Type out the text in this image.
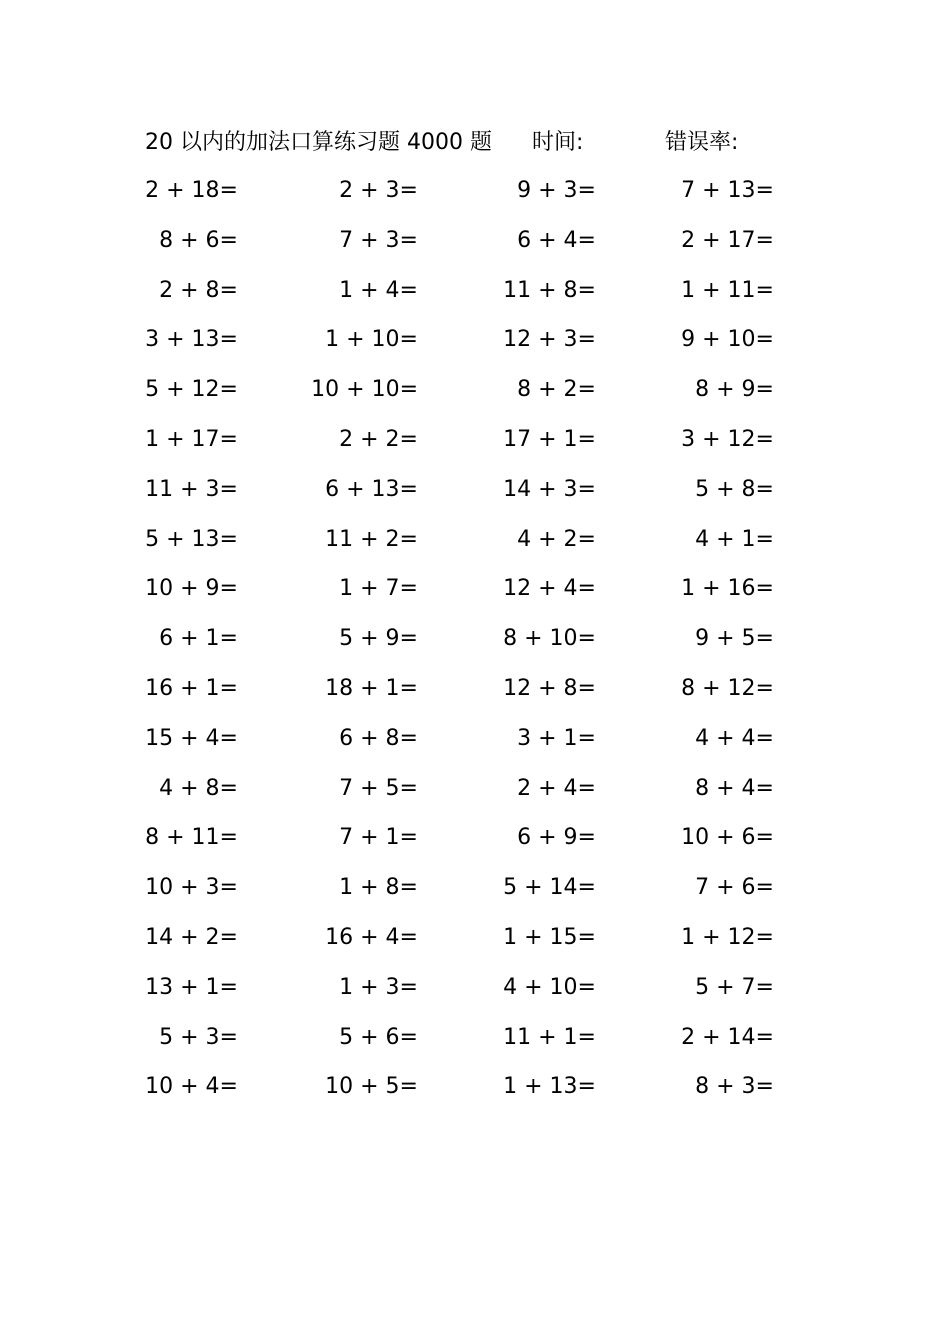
20 以内的加法口算练习题 4000 题 时间:	错误率:
2 + 18=	2 + 3=	9 + 3=	7 + 13=
8 + 6=	7 + 3=	6 + 4=	2 + 17=
2 + 8=	1 + 4=	11 + 8=	1 + 11=
3 + 13=	1 + 10=	12 + 3=	9 + 10=
5 + 12=	10 + 10=	8 + 2=	8 + 9=
1 + 17=	2 + 2=	17 + 1=	3 + 12=
11 + 3=	6 + 13=	14 + 3=	5 + 8=
5 + 13=	11 + 2=	4 + 2=	4 + 1=
10 + 9=	1 + 7=	12 + 4=	1 + 16=
6 + 1=	5 + 9=	8 + 10=	9 + 5=
16 + 1=	18 + 1=	12 + 8=	8 + 12=
15 + 4=	6 + 8=	3 + 1=	4 + 4=
4 + 8=	7 + 5=	2 + 4=	8 + 4=
8 + 11=	7 + 1=	6 + 9=	10 + 6=
10 + 3=	1 + 8=	5 + 14=	7 + 6=
14 + 2=	16 + 4=	1 + 15=	1 + 12=
13 + 1=	1 + 3=	4 + 10=	5 + 7=
5 + 3=	5 + 6=	11 + 1=	2 + 14=
10 + 4=	10 + 5=	1 + 13=	8 + 3=
